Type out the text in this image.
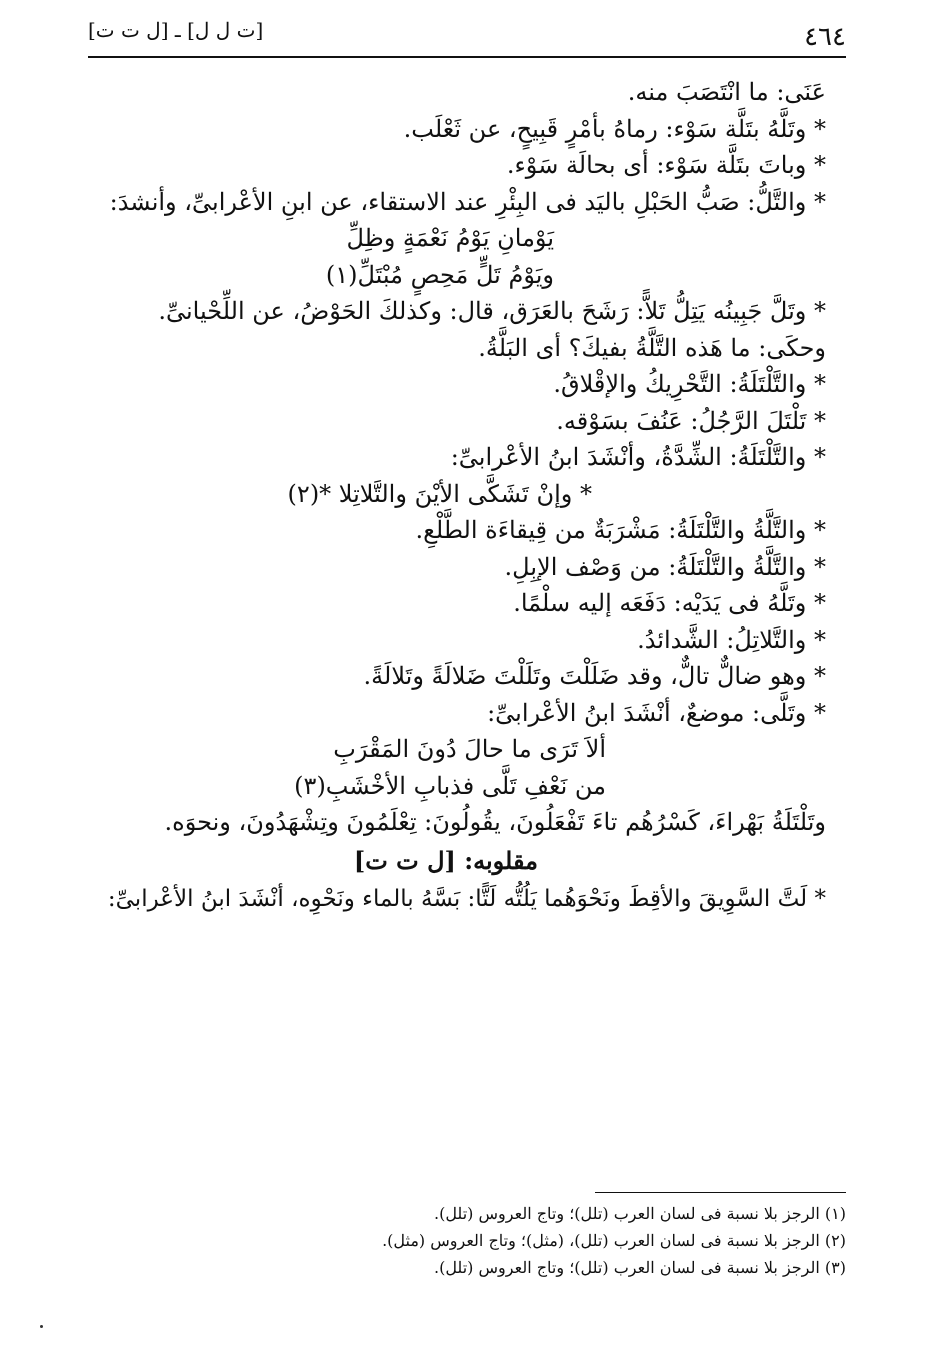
[ت ل ل] ـ [ل ت ت]	٤٦٤
عَنَى: ما انْتَصَبَ منه.
* وتَلَّهُ بتَلَّة سَوْء: رماهُ بأمْرٍ قَبِيحٍ، عن ثَعْلَب.
* وباتَ بتَلَّة سَوْء: أى بحالَة سَوْء.
* والتَّلُّ: صَبُّ الحَبْلِ باليَد فى البِئْرِ عند الاستقاء، عن ابنِ الأعْرابىِّ، وأنشدَ:
يَوْمانِ يَوْمُ نَعْمَةٍ وظِلِّ
ويَوْمُ تَلٍّ مَحِصٍ مُبْتَلِّ(١)
* وتَلَّ جَبِينُه يَتِلُّ تَلاًّ: رَشَحَ بالعَرَق، قال: وكذلكَ الحَوْضُ، عن اللِّحْيانىِّ.
وحكَى: ما هَذه التَّلَّةُ بفيكَ؟ أى البَلَّةُ.
* والتَّلْتَلَةُ: التَّحْرِيكُ والإقْلاقُ.
* تَلْتَلَ الرَّجُلُ: عَنُفَ بسَوْقه.
* والتَّلْتَلَةُ: الشِّدَّةُ، وأنْشَدَ ابنُ الأعْرابىِّ:
* وإنْ تَشَكَّى الأيْنَ والتَّلاتِلا *(٢)
* والتَّلَّةُ والتَّلْتَلَةُ: مَشْرَبَةٌ من قِيقاءَة الطَّلْعِ.
* والتَّلَّةُ والتَّلْتَلَةُ: من وَصْف الإبِلِ.
* وتَلَّهُ فى يَدَيْه: دَفَعَه إليه سلْمًا.
* والتَّلاتِلُ: الشَّدائدُ.
* وهو ضالٌّ تالٌّ، وقد ضَلَلْتَ وتَلَلْتَ ضَلالَةً وتَلالَةً.
* وتَلَّى: موضعٌ، أنْشَدَ ابنُ الأعْرابىِّ:
ألاَ تَرَى ما حالَ دُونَ المَقْرَبِ
من نَعْفِ تَلَّى فذبابِ الأخْشَبِ(٣)
وتَلْتَلَةُ بَهْراءَ، كَسْرُهُم تاءَ تَفْعَلُونَ، يقُولُونَ: تِعْلَمُونَ وتِشْهَدُونَ، ونحوَه.
مقلوبه: [ل ت ت]
* لَتَّ السَّوِيقَ والأقِطَ ونَحْوَهُما يَلُتُّه لَتًّا: بَسَّهُ بالماء ونَحْوِه، أنْشَدَ ابنُ الأعْرابىِّ:
(١) الرجز بلا نسبة فى لسان العرب (تلل)؛ وتاج العروس (تلل).
(٢) الرجز بلا نسبة فى لسان العرب (تلل)، (مثل)؛ وتاج العروس (مثل).
(٣) الرجز بلا نسبة فى لسان العرب (تلل)؛ وتاج العروس (تلل).
